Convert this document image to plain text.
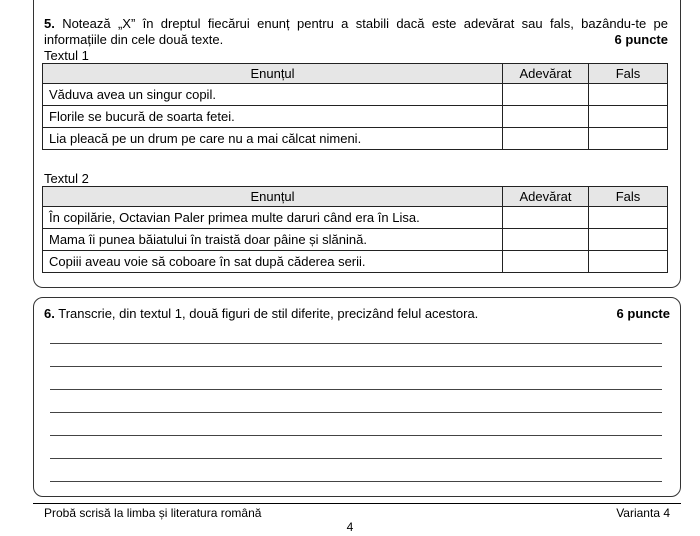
5. Notează „X” în dreptul fiecărui enunț pentru a stabili dacă este adevărat sau fals, bazându-te pe
informațiile din cele două texte.	6 puncte
Textul 1
Enunțul	Adevărat	Fals
Văduva avea un singur copil.		
Florile se bucură de soarta fetei.		
Lia pleacă pe un drum pe care nu a mai călcat nimeni.		
Textul 2
Enunțul	Adevărat	Fals
În copilărie, Octavian Paler primea multe daruri când era în Lisa.		
Mama îi punea băiatului în traistă doar pâine și slănină.		
Copiii aveau voie să coboare în sat după căderea serii.		
6. Transcrie, din textul 1, două figuri de stil diferite, precizând felul acestora.	6 puncte
Probă scrisă la limba și literatura română	Varianta 4
4
